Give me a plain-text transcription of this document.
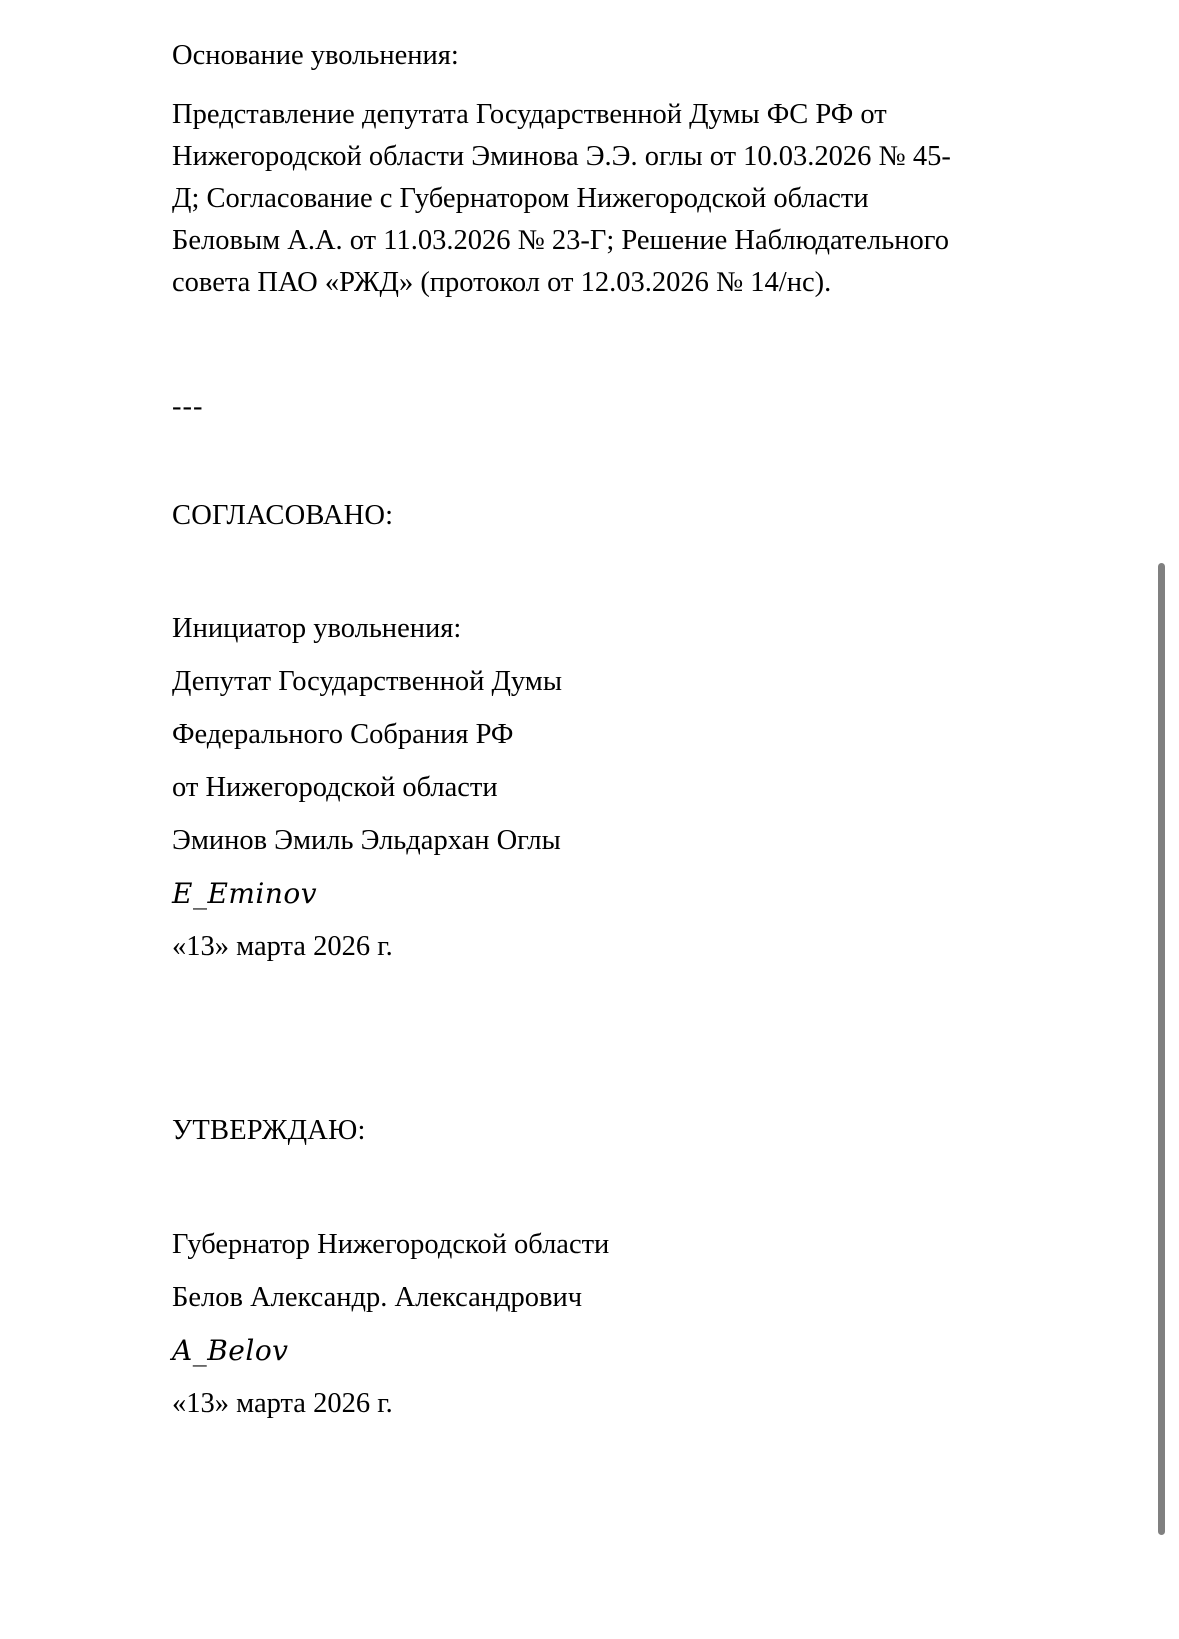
Основание увольнения:

Представление депутата Государственной Думы ФС РФ от Нижегородской области Эминова Э.Э. оглы от 10.03.2026 № 45-Д; Согласование с Губернатором Нижегородской области Беловым А.А. от 11.03.2026 № 23-Г; Решение Наблюдательного совета ПАО «РЖД» (протокол от 12.03.2026 № 14/нс).

---

СОГЛАСОВАНО:

Инициатор увольнения:

Депутат Государственной Думы

Федерального Собрания РФ

от Нижегородской области

Эминов Эмиль Эльдархан Оглы

E_Eminov

«13» марта 2026 г.

УТВЕРЖДАЮ:

Губернатор Нижегородской области

Белов Александр. Александрович

A_Belov

«13» марта 2026 г.
